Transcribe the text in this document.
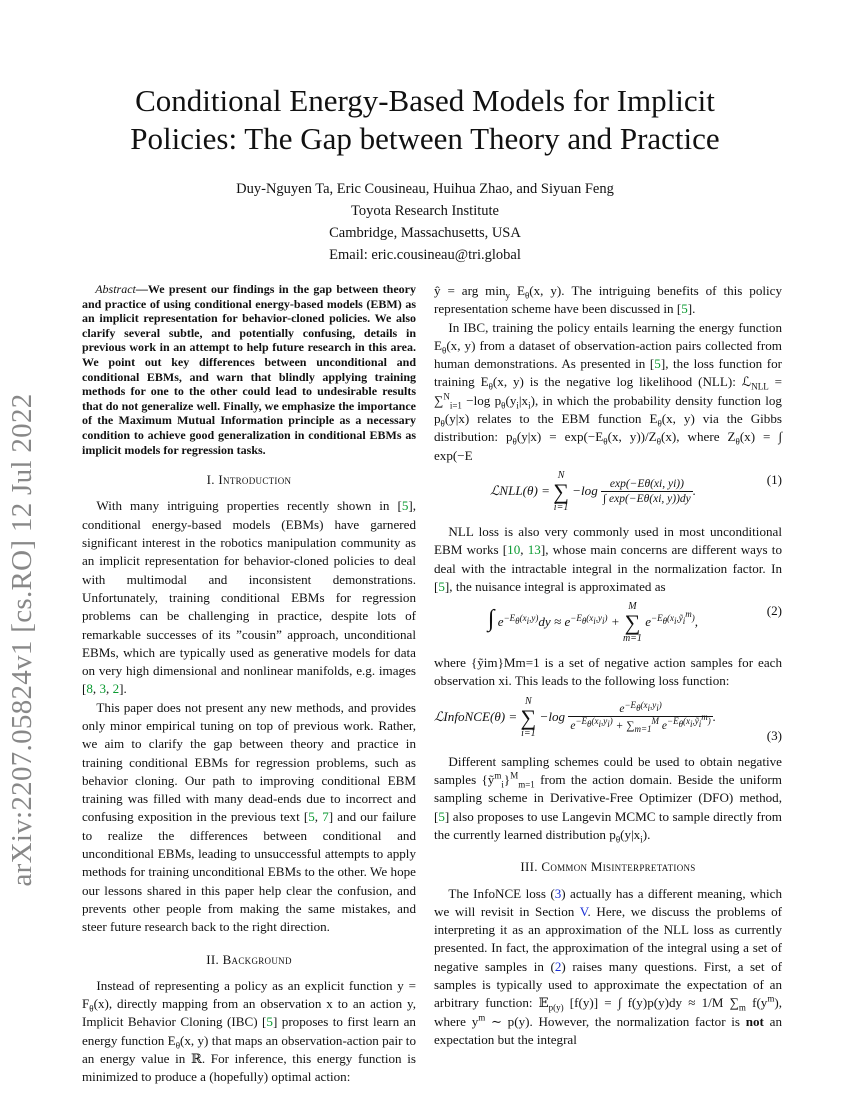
arXiv:2207.05824v1 [cs.RO] 12 Jul 2022
Conditional Energy-Based Models for Implicit
Policies: The Gap between Theory and Practice
Duy-Nguyen Ta, Eric Cousineau, Huihua Zhao, and Siyuan Feng
Toyota Research Institute
Cambridge, Massachusetts, USA
Email: eric.cousineau@tri.global

Abstract—We present our findings in the gap between theory and practice of using conditional energy-based models (EBM) as an implicit representation for behavior-cloned policies. We also clarify several subtle, and potentially confusing, details in previous work in an attempt to help future research in this area. We point out key differences between unconditional and conditional EBMs, and warn that blindly applying training methods for one to the other could lead to undesirable results that do not generalize well. Finally, we emphasize the importance of the Maximum Mutual Information principle as a necessary condition to achieve good generalization in conditional EBMs as implicit models for regression tasks.

I. Introduction

With many intriguing properties recently shown in [5], conditional energy-based models (EBMs) have garnered significant interest in the robotics manipulation community as an implicit representation for behavior-cloned policies to deal with multimodal and inconsistent demonstrations. Unfortunately, training conditional EBMs for regression problems can be challenging in practice, despite lots of remarkable successes of its ”cousin” approach, unconditional EBMs, which are typically used as generative models for data on very high dimensional and nonlinear manifolds, e.g. images [8, 3, 2].

This paper does not present any new methods, and provides only minor empirical tuning on top of previous work. Rather, we aim to clarify the gap between theory and practice in training conditional EBMs for regression problems, such as behavior cloning. Our path to improving conditional EBM training was filled with many dead-ends due to incorrect and confusing exposition in the previous text [5, 7] and our failure to realize the differences between conditional and unconditional EBMs, leading to unsuccessful attempts to apply methods for training unconditional EBMs to the other. We hope our lessons shared in this paper help clear the confusion, and prevents other people from making the same mistakes, and steer future research back to the right direction.

II. Background

Instead of representing a policy as an explicit function $y = F_\theta(x)$, directly mapping from an observation x to an action y, Implicit Behavior Cloning (IBC) [5] proposes to first learn an energy function $E_\theta(x$, y) that maps an observation-action pair to an energy value in ℝ. For inference, this energy function is minimized to produce a (hopefully) optimal action:

ŷ = arg $\min_y E_\theta(x$, y). The intriguing benefits of this policy representation scheme have been discussed in [5].

In IBC, training the policy entails learning the energy function $E_\theta(x$, y) from a dataset of observation-action pairs collected from human demonstrations. As presented in [5], the loss function for training $E_\theta(x$, y) is the negative log likelihood (NLL): ℒ$_{NLL}$ = ∑$^N_{i=1}$ −log $p_\theta(y_i|x_i)$, in which the probability density function $\log p_\theta(y|x)$ relates to the EBM function $E_\theta(x$, y) via the Gibbs distribution: $p_\theta(y|x) = \exp(-E_\theta(x$, $y))/Z_\theta(x)$, where $Z_\theta(x)$ = ∫ exp(−E

ℒNLL(θ) = N
∑
$i=1 -\log \frac{\exp(-E\theta(xi, yi))}{\int \exp(-E\theta(xi, y))dy}$ .
(1)

NLL loss is also very commonly used in most unconditional EBM works [10, 13], whose main concerns are different ways to deal with the intractable integral in the normalization factor. In [5], the nuisance integral is approximated as

∫ $e^{-E_\theta(x_i,y)}dy \approx e^{-E_\theta(x_i,y_i)} + M$
∑
m=1 $e^{-E_\theta(x_i,ỹ_i^m)}$,
(2)

where {ỹim}Mm=1 is a set of negative action samples for each observation xi. This leads to the following loss function:

ℒInfoNCE(θ) = N
∑
$i=1 -\log \frac{e^{-E_\theta(x_i,y_i)}}{e^{-E_\theta(x_i,y_i)} + \sum_{m=1}^M e^{-E_\theta(x_i,ỹ_i^m)}}$ .
(3)

Different sampling schemes could be used to obtain negative samples {ỹ$^m_i$}$^M_{m=1}$ from the action domain. Beside the uniform sampling scheme in Derivative-Free Optimizer (DFO) method, [5] also proposes to use Langevin MCMC to sample directly from the currently learned distribution $p_\theta(y|x_i)$.

III. Common Misinterpretations

The InfoNCE loss (3) actually has a different meaning, which we will revisit in Section V. Here, we discuss the problems of interpreting it as an approximation of the NLL loss as currently presented. In fact, the approximation of the integral using a set of negative samples in (2) raises many questions. First, a set of samples is typically used to approximate the expectation of an arbitrary function: 𝔼$_{p(y)}$ [f(y)] = ∫ f(y)p(y)dy ≈ 1/M $\sum_m$ $f(y^m)$, where $y^m$ ∼ p(y). However, the normalization factor is not an expectation but the integral
